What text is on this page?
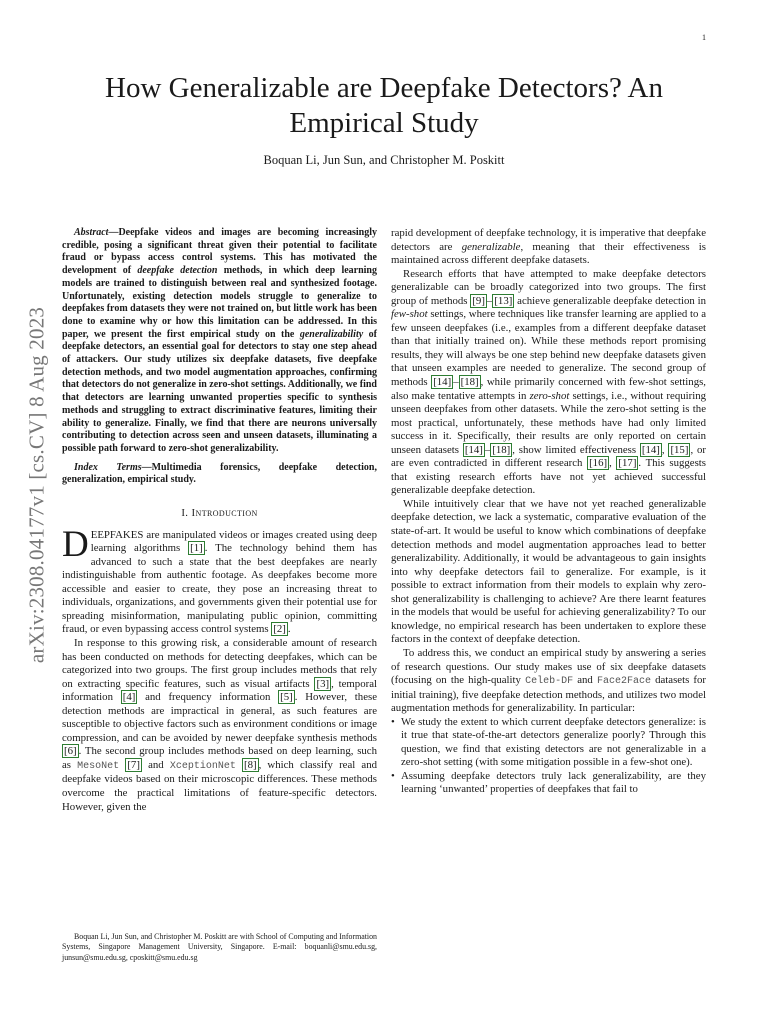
1
arXiv:2308.04177v1 [cs.CV] 8 Aug 2023
How Generalizable are Deepfake Detectors? An Empirical Study
Boquan Li, Jun Sun, and Christopher M. Poskitt

Abstract—Deepfake videos and images are becoming increasingly credible, posing a significant threat given their potential to facilitate fraud or bypass access control systems. This has motivated the development of deepfake detection methods, in which deep learning models are trained to distinguish between real and synthesized footage. Unfortunately, existing detection models struggle to generalize to deepfakes from datasets they were not trained on, but little work has been done to examine why or how this limitation can be addressed. In this paper, we present the first empirical study on the generalizability of deepfake detectors, an essential goal for detectors to stay one step ahead of attackers. Our study utilizes six deepfake datasets, five deepfake detection methods, and two model augmentation approaches, confirming that detectors do not generalize in zero-shot settings. Additionally, we find that detectors are learning unwanted properties specific to synthesis methods and struggling to extract discriminative features, limiting their ability to generalize. Finally, we find that there are neurons universally contributing to detection across seen and unseen datasets, illuminating a possible path forward to zero-shot generalizability.

Index Terms—Multimedia forensics, deepfake detection, generalization, empirical study.

I. Introduction

DEEPFAKES are manipulated videos or images created using deep learning algorithms [1] . The technology behind them has advanced to such a state that the best deepfakes are nearly indistinguishable from authentic footage. As deepfakes become more accessible and easier to create, they pose an increasing threat to individuals, organizations, and governments given their potential use for spreading misinformation, manipulating public opinion, committing fraud, or even bypassing access control systems [2] .

In response to this growing risk, a considerable amount of research has been conducted on methods for detecting deepfakes, which can be categorized into two groups. The first group includes methods that rely on extracting specific features, such as visual artifacts [3] , temporal information [4] and frequency information [5] . However, these detection methods are impractical in general, as such features are susceptible to objective factors such as environment conditions or image compression, and can be avoided by newer deepfake synthesis methods [6] . The second group includes methods based on deep learning, such as MesoNet [7] and XceptionNet [8] , which classify real and deepfake videos based on their microscopic differences. These methods overcome the practical limitations of feature-specific detectors. However, given the

Boquan Li, Jun Sun, and Christopher M. Poskitt are with School of Computing and Information Systems, Singapore Management University, Singapore. E-mail: boquanli@smu.edu.sg, junsun@smu.edu.sg, cposkitt@smu.edu.sg

rapid development of deepfake technology, it is imperative that deepfake detectors are generalizable, meaning that their effectiveness is maintained across different deepfake datasets.

Research efforts that have attempted to make deepfake detectors generalizable can be broadly categorized into two groups. The first group of methods [9] – [13] achieve generalizable deepfake detection in few-shot settings, where techniques like transfer learning are applied to a few unseen deepfakes (i.e., examples from a different deepfake dataset than that initially trained on). While these methods report promising results, they will always be one step behind new deepfake datasets given that unseen examples are needed to generalize. The second group of methods [14] – [18] , while primarily concerned with few-shot settings, also make tentative attempts in zero-shot settings, i.e., without requiring unseen deepfakes from other datasets. While the zero-shot setting is the most practical, unfortunately, these methods have had only limited success in it. Specifically, their results are only reported on certain unseen datasets [14] – [18] , show limited effectiveness [14] , [15] , or are even contradicted in different research [16] , [17] . This suggests that existing research efforts have not yet achieved successful generalizable deepfake detection.

While intuitively clear that we have not yet reached generalizable deepfake detection, we lack a systematic, comparative evaluation of the state-of-art. It would be useful to know which combinations of deepfake detection methods and model augmentation approaches lead to better generalizability. Additionally, it would be advantageous to gain insights into why deepfake detectors fail to generalize. For example, is it possible to extract information from their models to explain why zero-shot generalizability is challenging to achieve? Are there learnt features in the models that would be useful for achieving generalizability? To our knowledge, no empirical research has been undertaken to explore these factors in the context of deepfake detection.

To address this, we conduct an empirical study by answering a series of research questions. Our study makes use of six deepfake datasets (focusing on the high-quality Celeb-DF and Face2Face datasets for initial training), five deepfake detection methods, and utilizes two model augmentation methods for generalizability. In particular:

• We study the extent to which current deepfake detectors generalize: is it true that state-of-the-art detectors generalize poorly? Through this question, we find that existing detectors are not generalizable in a zero-shot setting (with some mitigation possible in a few-shot one).
• Assuming deepfake detectors truly lack generalizability, are they learning ‘unwanted’ properties of deepfakes that fail to
